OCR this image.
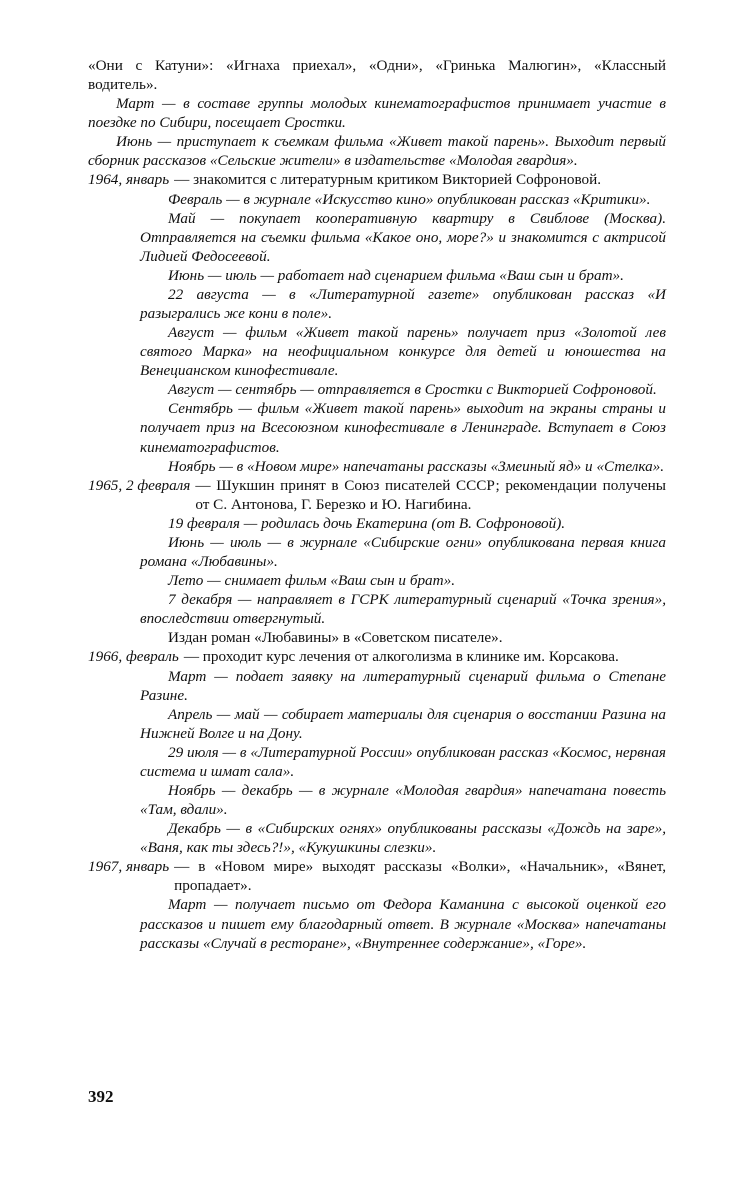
«Они с Катуни»: «Игнаха приехал», «Одни», «Гринька Малюгин», «Классный водитель».

Март — в составе группы молодых кинематографистов принимает участие в поездке по Сибири, посещает Сростки.

Июнь — приступает к съемкам фильма «Живет такой парень». Выходит первый сборник рассказов «Сельские жители» в издательстве «Молодая гвардия».

1964, январь — знакомится с литературным критиком Викторией Софроновой.

Февраль — в журнале «Искусство кино» опубликован рассказ «Критики».

Май — покупает кооперативную квартиру в Свиблове (Москва). Отправляется на съемки фильма «Какое оно, море?» и знакомится с актрисой Лидией Федосеевой.

Июнь — июль — работает над сценарием фильма «Ваш сын и брат».

22 августа — в «Литературной газете» опубликован рассказ «И разыгрались же кони в поле».

Август — фильм «Живет такой парень» получает приз «Золотой лев святого Марка» на неофициальном конкурсе для детей и юношества на Венецианском кинофестивале.

Август — сентябрь — отправляется в Сростки с Викторией Софроновой.

Сентябрь — фильм «Живет такой парень» выходит на экраны страны и получает приз на Всесоюзном кинофестивале в Ленинграде. Вступает в Союз кинематографистов.

Ноябрь — в «Новом мире» напечатаны рассказы «Змеиный яд» и «Стелка».

1965, 2 февраля — Шукшин принят в Союз писателей СССР; рекомендации получены от С. Антонова, Г. Березко и Ю. Нагибина.

19 февраля — родилась дочь Екатерина (от В. Софроновой).

Июнь — июль — в журнале «Сибирские огни» опубликована первая книга романа «Любавины».

Лето — снимает фильм «Ваш сын и брат».

7 декабря — направляет в ГСРК литературный сценарий «Точка зрения», впоследствии отвергнутый.

Издан роман «Любавины» в «Советском писателе».

1966, февраль — проходит курс лечения от алкоголизма в клинике им. Корсакова.

Март — подает заявку на литературный сценарий фильма о Степане Разине.

Апрель — май — собирает материалы для сценария о восстании Разина на Нижней Волге и на Дону.

29 июля — в «Литературной России» опубликован рассказ «Космос, нервная система и шмат сала».

Ноябрь — декабрь — в журнале «Молодая гвардия» напечатана повесть «Там, вдали».

Декабрь — в «Сибирских огнях» опубликованы рассказы «Дождь на заре», «Ваня, как ты здесь?!», «Кукушкины слезки».

1967, январь — в «Новом мире» выходят рассказы «Волки», «Начальник», «Вянет, пропадает».

Март — получает письмо от Федора Каманина с высокой оценкой его рассказов и пишет ему благодарный ответ. В журнале «Москва» напечатаны рассказы «Случай в ресторане», «Внутреннее содержание», «Горе».

392
